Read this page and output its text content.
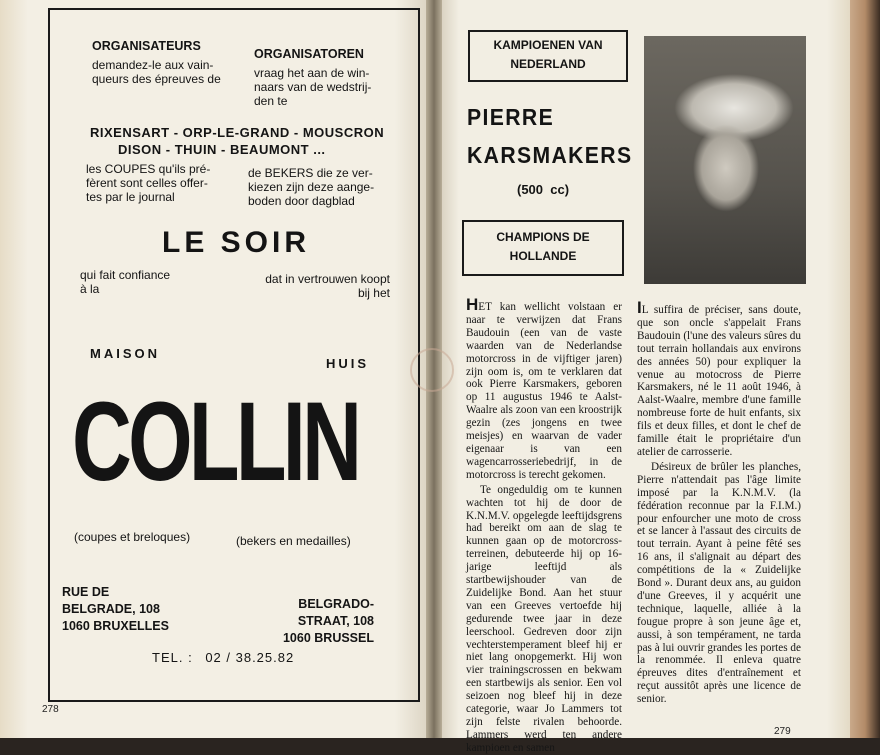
ORGANISATEURS
demandez-le aux vain-
queurs des épreuves de
ORGANISATOREN
vraag het aan de win-
naars van de wedstrij-
den te
RIXENSART - ORP-LE-GRAND - MOUSCRON
DISON - THUIN - BEAUMONT ...
les COUPES qu'ils pré-
fèrent sont celles offer-
tes par le journal
de BEKERS die ze ver-
kiezen zijn deze aange-
boden door dagblad
LE SOIR
qui fait confiance
à la
dat in vertrouwen koopt
bij het
MAISON
HUIS
COLLIN
(coupes et breloques)	(bekers en medailles)
RUE DE
BELGRADE, 108
1060 BRUXELLES
BELGRADO-
STRAAT, 108
1060 BRUSSEL
TEL. : 02 / 38.25.82
278
KAMPIOENEN VAN
NEDERLAND
PIERRE
KARSMAKERS
(500  cc)
CHAMPIONS DE
HOLLANDE

HET kan wellicht volstaan er naar te verwijzen dat Frans Baudouin (een van de vaste waarden van de Nederlandse motorcross in de vijftiger jaren) zijn oom is, om te verklaren dat ook Pierre Karsmakers, geboren op 11 augustus 1946 te Aalst-Waalre als zoon van een kroostrijk gezin (zes jongens en twee meisjes) en waarvan de vader eigenaar is van een wagencarrosseriebedrijf, in de motorcross is terecht gekomen.

Te ongeduldig om te kunnen wachten tot hij de door de K.N.M.V. opgelegde leeftijdsgrens had bereikt om aan de slag te kunnen gaan op de motorcross-terreinen, debuteerde hij op 16-jarige leeftijd als startbewijshouder van de Zuidelijke Bond. Aan het stuur van een Greeves vertoefde hij gedurende twee jaar in deze leerschool. Gedreven door zijn vechterstemperament bleef hij er niet lang onopgemerkt. Hij won vier trainingscrossen en bekwam een startbewijs als senior. Een vol seizoen nog bleef hij in deze categorie, waar Jo Lammers tot zijn felste rivalen behoorde. Lammers werd ten andere kampioen en samen

IL suffira de préciser, sans doute, que son oncle s'appelait Frans Baudouin (l'une des valeurs sûres du tout terrain hollandais aux environs des années 50) pour expliquer la venue au motocross de Pierre Karsmakers, né le 11 août 1946, à Aalst-Waalre, membre d'une famille nombreuse forte de huit enfants, six fils et deux filles, et dont le chef de famille était le propriétaire d'un atelier de carrosserie.

Désireux de brûler les planches, Pierre n'attendait pas l'âge limite imposé par la K.N.M.V. (la fédération reconnue par la F.I.M.) pour enfourcher une moto de cross et se lancer à l'assaut des circuits de tout terrain. Ayant à peine fêté ses 16 ans, il s'alignait au départ des compétitions de la « Zuidelijke Bond ». Durant deux ans, au guidon d'une Greeves, il y acquérit une technique, laquelle, alliée à la fougue propre à son jeune âge et, aussi, à son tempérament, ne tarda pas à lui ouvrir grandes les portes de la renommée. Il enleva quatre épreuves dites d'entraînement et reçut aussitôt après une licence de senior.

279
